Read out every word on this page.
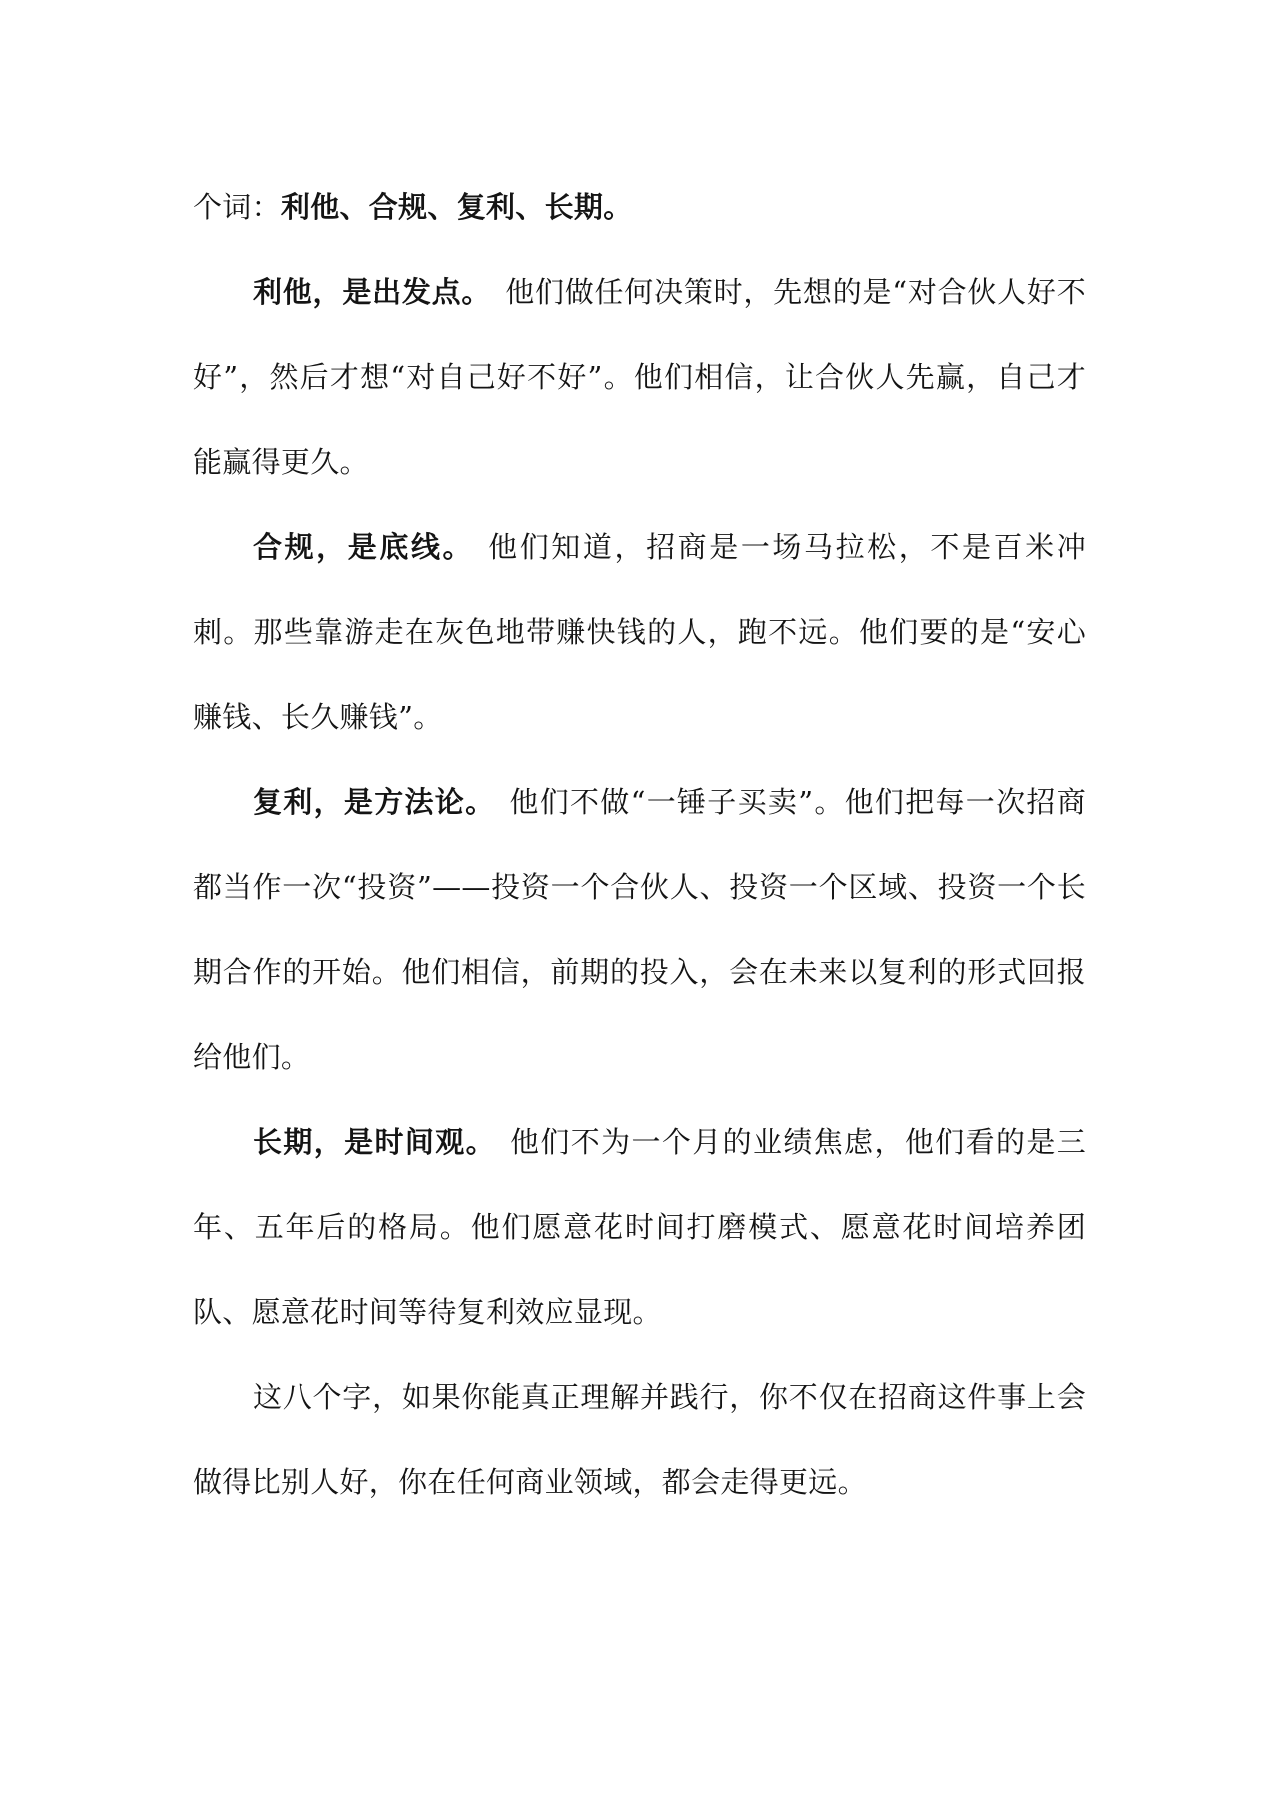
个词：利他、合规、复利、长期。

利他，是出发点。 他们做任何决策时，先想的是“对合伙人好不好”，然后才想“对自己好不好”。他们相信，让合伙人先赢，自己才能赢得更久。

合规，是底线。 他们知道，招商是一场马拉松，不是百米冲刺。那些靠游走在灰色地带赚快钱的人，跑不远。他们要的是“安心赚钱、长久赚钱”。

复利，是方法论。 他们不做“一锤子买卖”。他们把每一次招商都当作一次“投资”——投资一个合伙人、投资一个区域、投资一个长期合作的开始。他们相信，前期的投入，会在未来以复利的形式回报给他们。

长期，是时间观。 他们不为一个月的业绩焦虑，他们看的是三年、五年后的格局。他们愿意花时间打磨模式、愿意花时间培养团队、愿意花时间等待复利效应显现。

这八个字，如果你能真正理解并践行，你不仅在招商这件事上会做得比别人好，你在任何商业领域，都会走得更远。
